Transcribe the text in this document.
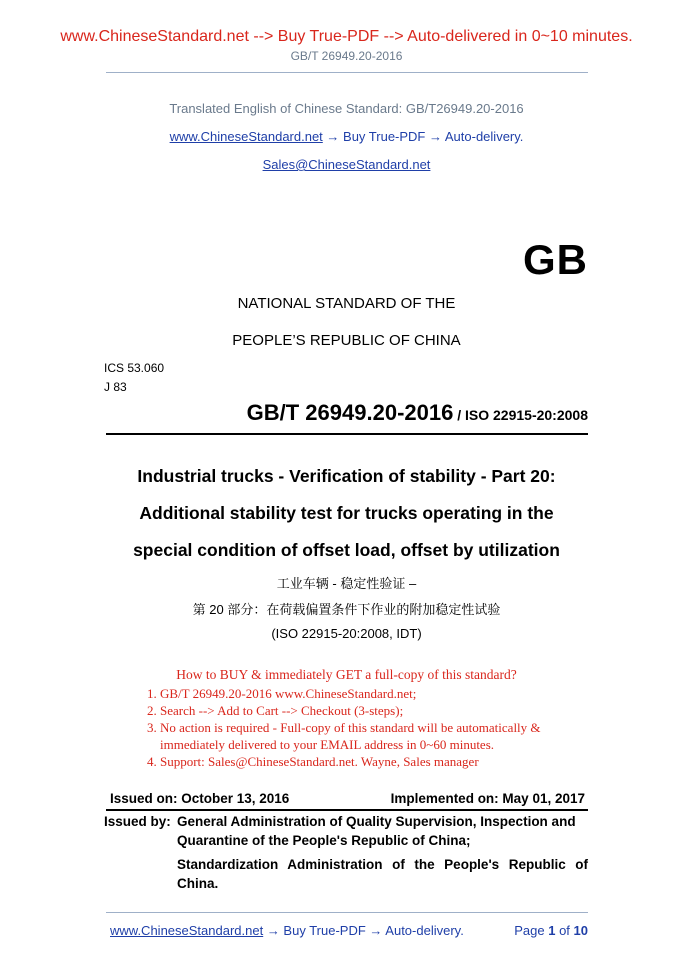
www.ChineseStandard.net --> Buy True-PDF --> Auto-delivered in 0~10 minutes.
GB/T 26949.20-2016
Translated English of Chinese Standard: GB/T26949.20-2016
www.ChineseStandard.net → Buy True-PDF → Auto-delivery.
Sales@ChineseStandard.net
GB
NATIONAL STANDARD OF THE
PEOPLE’S REPUBLIC OF CHINA
ICS 53.060
J 83
GB/T 26949.20-2016 / ISO 22915-20:2008
Industrial trucks - Verification of stability - Part 20:
Additional stability test for trucks operating in the
special condition of offset load, offset by utilization
工业车辆 - 稳定性验证 –
第 20 部分：在荷载偏置条件下作业的附加稳定性试验
(ISO 22915-20:2008, IDT)
How to BUY & immediately GET a full-copy of this standard?
1. GB/T 26949.20-2016 www.ChineseStandard.net;
2. Search --> Add to Cart --> Checkout (3-steps);
3. No action is required - Full-copy of this standard will be automatically &
immediately delivered to your EMAIL address in 0~60 minutes.
4. Support: Sales@ChineseStandard.net. Wayne, Sales manager
Issued on: October 13, 2016	Implemented on: May 01, 2017
Issued by: General Administration of Quality Supervision, Inspection and
Quarantine of the People's Republic of China;
Standardization Administration of the People's Republic of
China.
www.ChineseStandard.net → Buy True-PDF → Auto-delivery.	Page 1 of 10
